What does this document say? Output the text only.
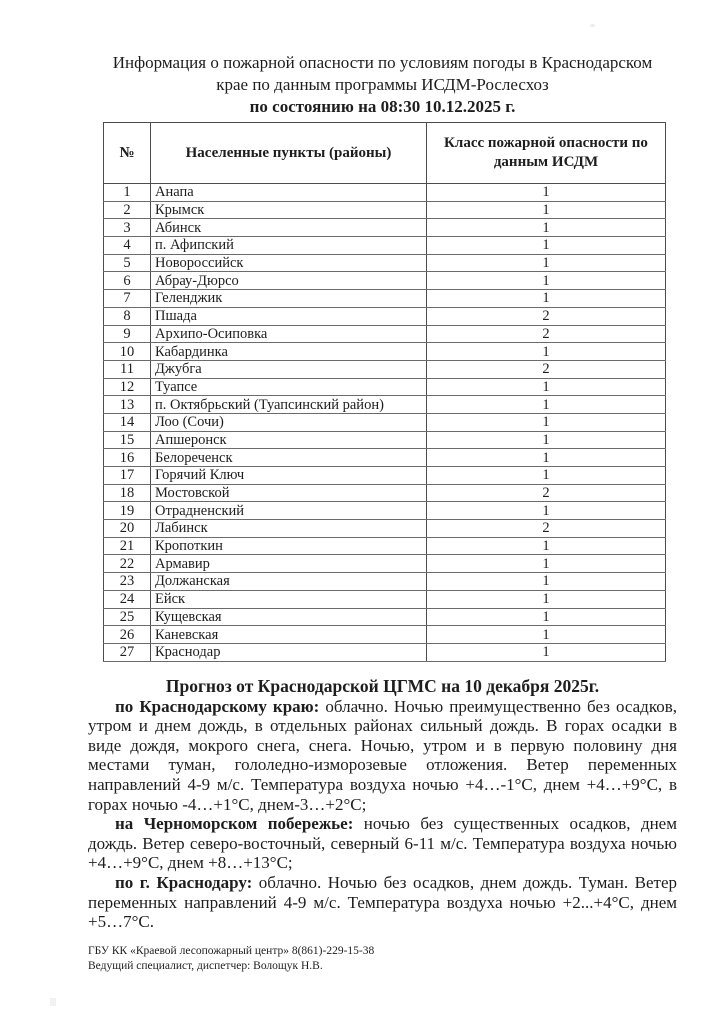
Информация о пожарной опасности по условиям погоды в Краснодарском
крае по данным программы ИСДМ-Рослесхоз
по состоянию на 08:30 10.12.2025 г.
№	Населенные пункты (районы)	Класс пожарной опасности по данным ИСДМ
1	Анапа	1
2	Крымск	1
3	Абинск	1
4	п. Афипский	1
5	Новороссийск	1
6	Абрау-Дюрсо	1
7	Геленджик	1
8	Пшада	2
9	Архипо-Осиповка	2
10	Кабардинка	1
11	Джубга	2
12	Туапсе	1
13	п. Октябрьский (Туапсинский район)	1
14	Лоо (Сочи)	1
15	Апшеронск	1
16	Белореченск	1
17	Горячий Ключ	1
18	Мостовской	2
19	Отрадненский	1
20	Лабинск	2
21	Кропоткин	1
22	Армавир	1
23	Должанская	1
24	Ейск	1
25	Кущевская	1
26	Каневская	1
27	Краснодар	1
Прогноз от Краснодарской ЦГМС на 10 декабря 2025г.

по Краснодарскому краю: облачно. Ночью преимущественно без осадков, утром и днем дождь, в отдельных районах сильный дождь. В горах осадки в виде дождя, мокрого снега, снега. Ночью, утром и в первую половину дня местами туман, гололедно-изморозевые отложения. Ветер переменных направлений 4-9 м/с. Температура воздуха ночью +4…-1°С, днем +4…+9°С, в горах ночью -4…+1°С, днем-3…+2°С;

на Черноморском побережье: ночью без существенных осадков, днем дождь. Ветер северо-восточный, северный 6-11 м/с. Температура воздуха ночью +4…+9°С, днем +8…+13°С;

по г. Краснодару: облачно. Ночью без осадков, днем дождь. Туман. Ветер переменных направлений 4-9 м/с. Температура воздуха ночью +2...+4°С, днем +5…7°С.

ГБУ КК «Краевой лесопожарный центр» 8(861)-229-15-38
Ведущий специалист, диспетчер: Волощук Н.В.
